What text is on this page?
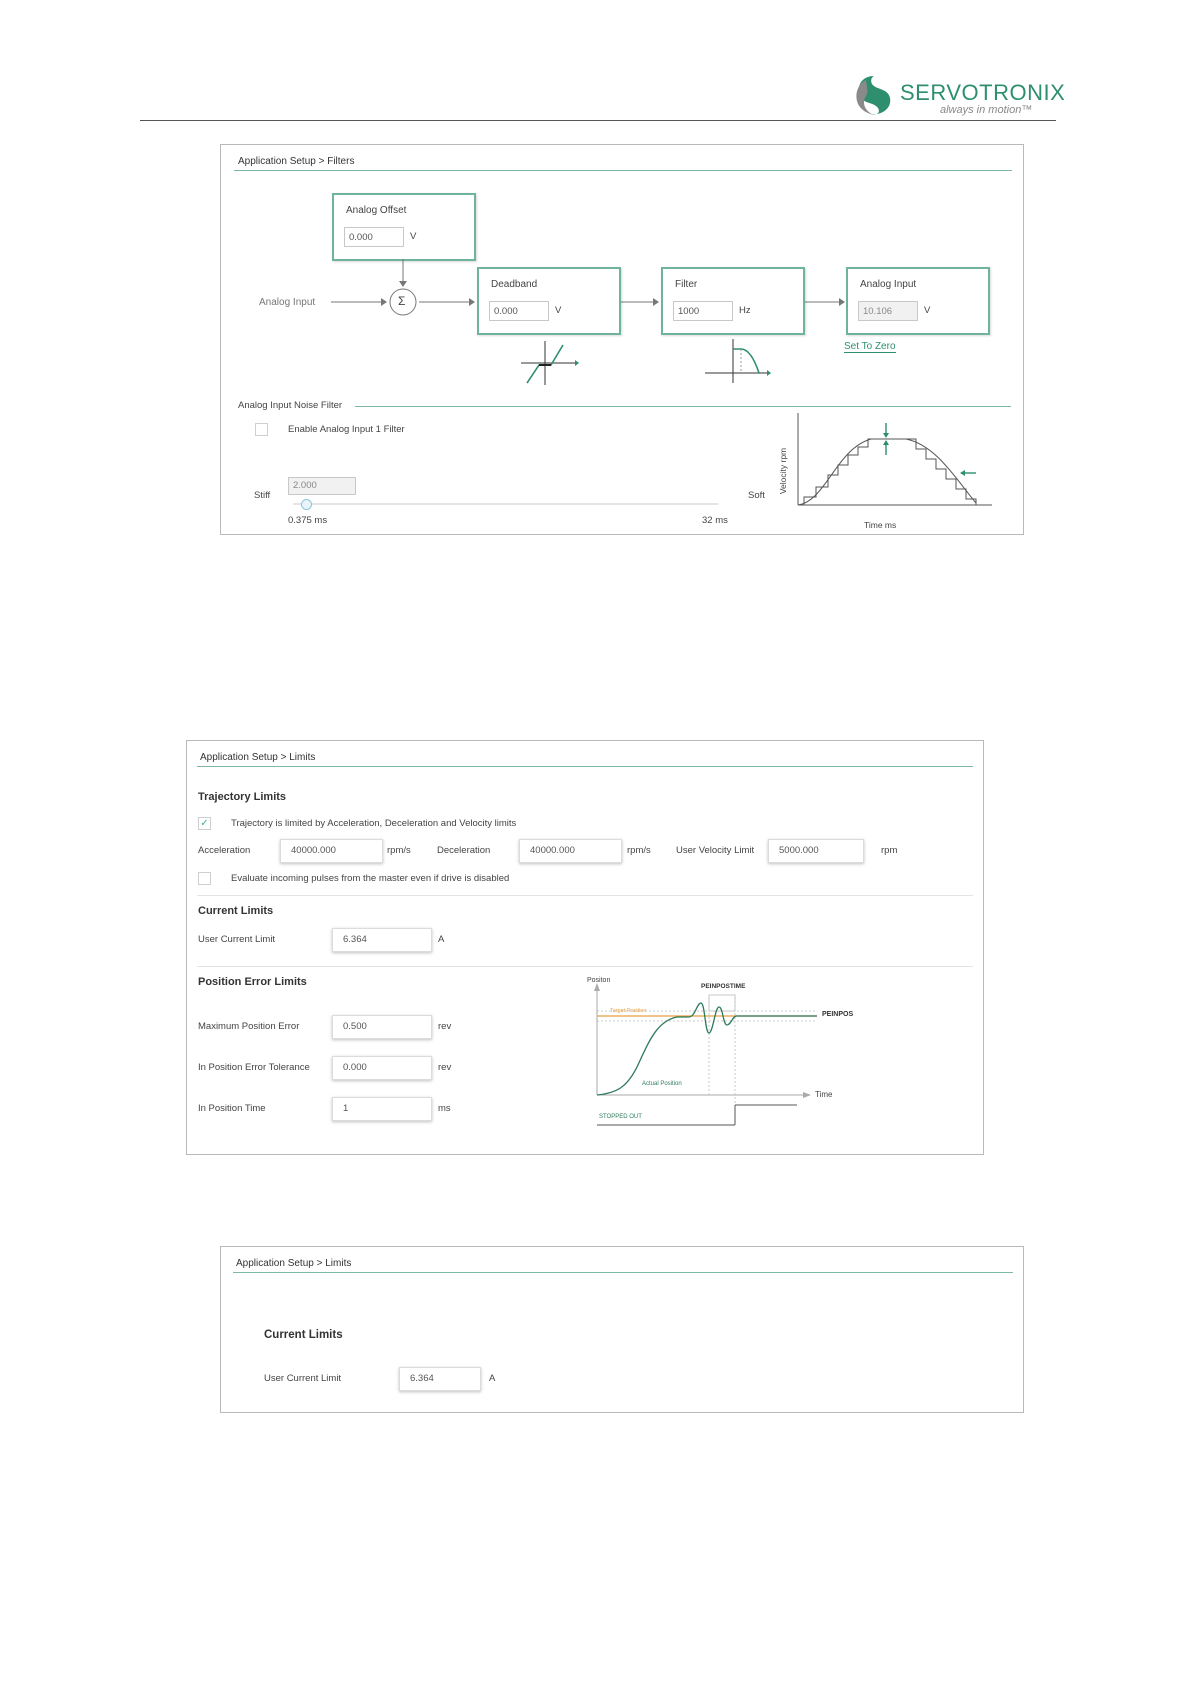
SERVOTRONIX
always in motion™
Application Setup > Filters
Analog Offset
0.000	V
Analog Input	Σ
Deadband
0.000	V
Filter
1000	Hz
Analog Input
10.106	V
Set To Zero
Analog Input Noise Filter
Enable Analog Input 1 Filter
2.000
Stiff	Soft
0.375 ms	32 ms
Velocity rpm
Time ms
Application Setup > Limits
Trajectory Limits
✓ Trajectory is limited by Acceleration, Deceleration and Velocity limits
Acceleration	40000.000	rpm/s	Deceleration	40000.000	rpm/s	User Velocity Limit	5000.000	rpm
Evaluate incoming pulses from the master even if drive is disabled
Current Limits
User Current Limit	6.364	A
Position Error Limits
Maximum Position Error	0.500	rev
In Position Error Tolerance	0.000	rev
In Position Time	1	ms
Positon
Time
PEINPOSTIME
PEINPOS
Target Position
Actual Position
STOPPED OUT
Application Setup > Limits
Current Limits
User Current Limit	6.364	A
